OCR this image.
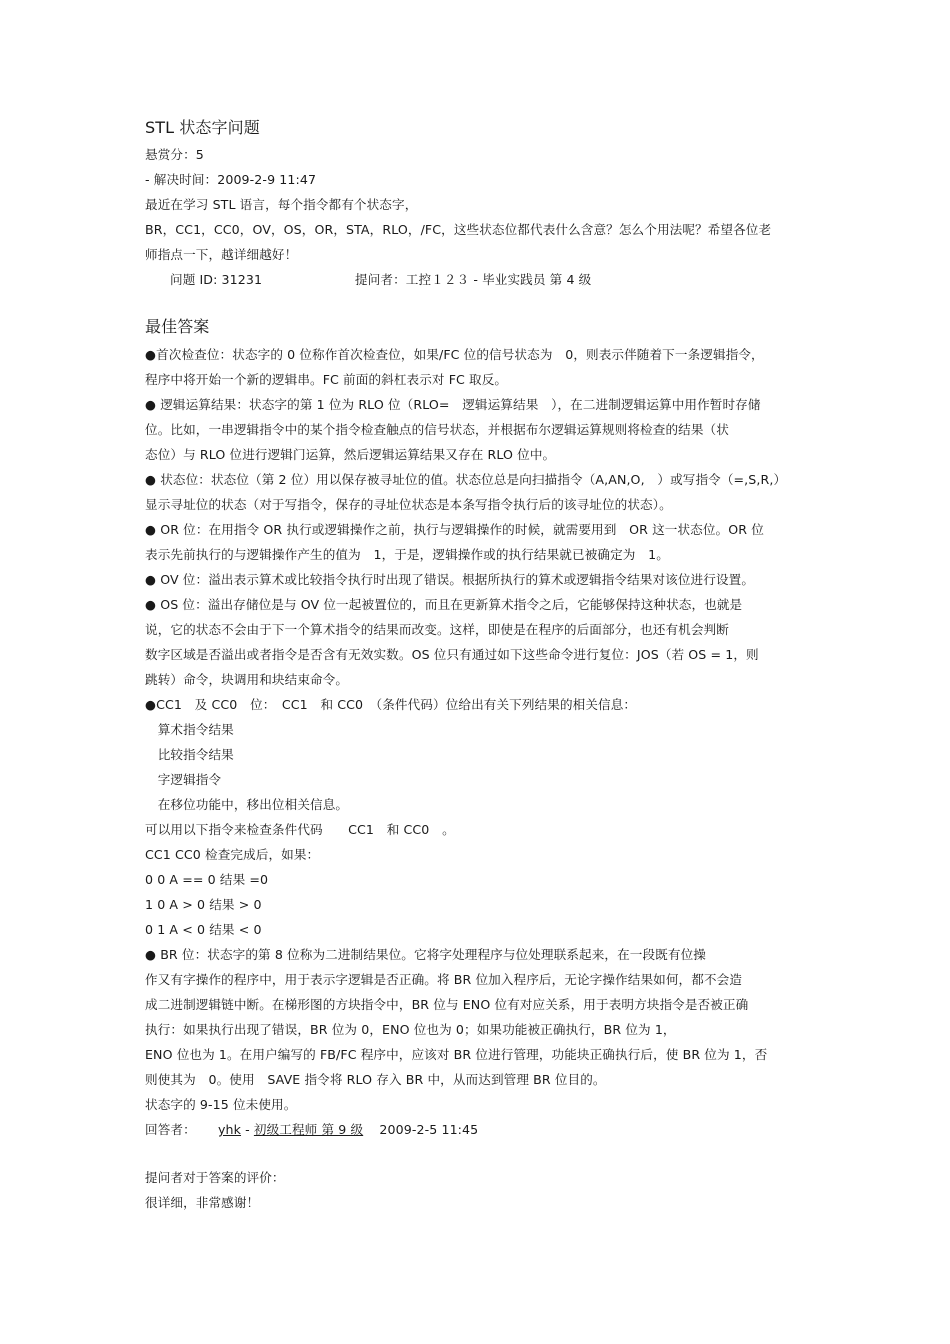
STL 状态字问题
悬赏分：5
- 解决时间：2009-2-9 11:47
最近在学习 STL 语言，每个指令都有个状态字，
BR，CC1，CC0，OV，OS，OR，STA，RLO，/FC，这些状态位都代表什么含意？怎么个用法呢？希望各位老
师指点一下，越详细越好！
问题 ID: 31231	提问者：工控１２３ - 毕业实践员 第 4 级
最佳答案
●首次检查位：状态字的 0 位称作首次检查位，如果/FC 位的信号状态为　0，则表示伴随着下一条逻辑指令，
程序中将开始一个新的逻辑串。FC 前面的斜杠表示对 FC 取反。
● 逻辑运算结果：状态字的第 1 位为 RLO 位（RLO=　逻辑运算结果　），在二进制逻辑运算中用作暂时存储
位。比如，一串逻辑指令中的某个指令检查触点的信号状态，并根据布尔逻辑运算规则将检查的结果（状
态位）与 RLO 位进行逻辑门运算，然后逻辑运算结果又存在 RLO 位中。
● 状态位：状态位（第 2 位）用以保存被寻址位的值。状态位总是向扫描指令（A,AN,O,　）或写指令（=,S,R,）
显示寻址位的状态（对于写指令，保存的寻址位状态是本条写指令执行后的该寻址位的状态）。
● OR 位：在用指令 OR 执行或逻辑操作之前，执行与逻辑操作的时候，就需要用到　OR 这一状态位。OR 位
表示先前执行的与逻辑操作产生的值为　1，于是，逻辑操作或的执行结果就已被确定为　1。
● OV 位：溢出表示算术或比较指令执行时出现了错误。根据所执行的算术或逻辑指令结果对该位进行设置。
● OS 位：溢出存储位是与 OV 位一起被置位的，而且在更新算术指令之后，它能够保持这种状态，也就是
说，它的状态不会由于下一个算术指令的结果而改变。这样，即使是在程序的后面部分，也还有机会判断
数字区域是否溢出或者指令是否含有无效实数。OS 位只有通过如下这些命令进行复位：JOS（若 OS = 1，则
跳转）命令，块调用和块结束命令。
●CC1　及 CC0　位：　CC1　和 CC0　（条件代码）位给出有关下列结果的相关信息：
　算术指令结果
　比较指令结果
　字逻辑指令
　在移位功能中，移出位相关信息。
可以用以下指令来检查条件代码　　CC1　和 CC0　。
CC1 CC0 检查完成后，如果：
0 0 A == 0 结果 =0
1 0 A > 0 结果 > 0
0 1 A < 0 结果 < 0
● BR 位：状态字的第 8 位称为二进制结果位。它将字处理程序与位处理联系起来，在一段既有位操
作又有字操作的程序中，用于表示字逻辑是否正确。将 BR 位加入程序后，无论字操作结果如何，都不会造
成二进制逻辑链中断。在梯形图的方块指令中，BR 位与 ENO 位有对应关系，用于表明方块指令是否被正确
执行：如果执行出现了错误，BR 位为 0，ENO 位也为 0；如果功能被正确执行，BR 位为 1，
ENO 位也为 1。在用户编写的 FB/FC 程序中，应该对 BR 位进行管理，功能块正确执行后，使 BR 位为 1，否
则使其为　0。使用　SAVE 指令将 RLO 存入 BR 中，从而达到管理 BR 位目的。
状态字的 9-15 位未使用。
回答者： yhk - 初级工程师 第 9 级 2009-2-5 11:45
提问者对于答案的评价：
很详细，非常感谢！
